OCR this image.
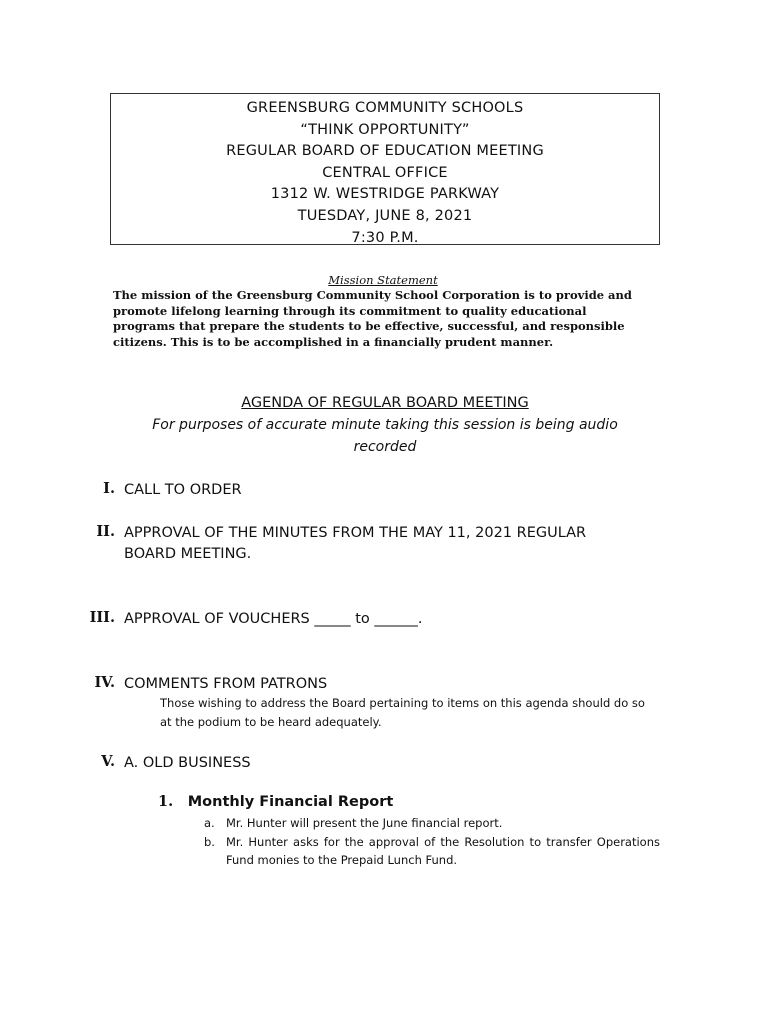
GREENSBURG COMMUNITY SCHOOLS
“THINK OPPORTUNITY”
REGULAR BOARD OF EDUCATION MEETING
CENTRAL OFFICE
1312 W. WESTRIDGE PARKWAY
TUESDAY, JUNE 8, 2021
7:30 P.M.
Mission Statement
The mission of the Greensburg Community School Corporation is to provide and
promote lifelong learning through its commitment to quality educational
programs that prepare the students to be effective, successful, and responsible
citizens. This is to be accomplished in a financially prudent manner.
AGENDA OF REGULAR BOARD MEETING
For purposes of accurate minute taking this session is being audio
recorded
I. CALL TO ORDER
II. APPROVAL OF THE MINUTES FROM THE MAY 11, 2021 REGULAR
BOARD MEETING.
III. APPROVAL OF VOUCHERS _____ to ______.
IV. COMMENTS FROM PATRONS
Those wishing to address the Board pertaining to items on this agenda should do so
at the podium to be heard adequately.
V. A. OLD BUSINESS
1. Monthly Financial Report
a. Mr. Hunter will present the June financial report.
b. Mr. Hunter asks for the approval of the Resolution to transfer Operations Fund monies to the Prepaid Lunch Fund.
